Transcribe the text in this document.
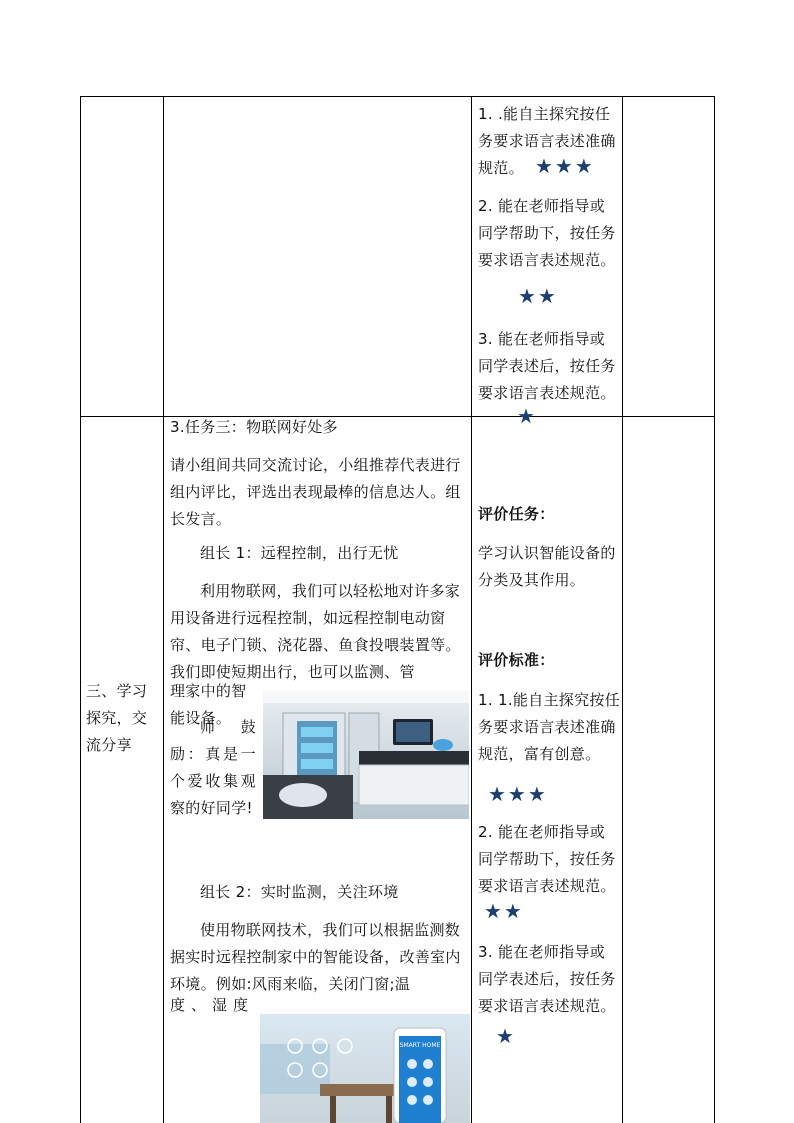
1. .能自主探究按任务要求语言表述准确规范。 ★★★
2. 能在老师指导或同学帮助下，按任务要求语言表述规范。
★★
3. 能在老师指导或同学表述后，按任务要求语言表述规范。
★
三、学习探究，交流分享
3.任务三：物联网好处多
请小组间共同交流讨论，小组推荐代表进行组内评比，评选出表现最棒的信息达人。组长发言。
组长 1：远程控制，出行无忧
利用物联网，我们可以轻松地对许多家用设备进行远程控制，如远程控制电动窗帘、电子门锁、浇花器、鱼食投喂装置等。我们即使短期出行，也可以监测、管
理家中的智能设备。
师鼓励：真是一个爱收集观察的好同学!
组长 2：实时监测，关注环境
使用物联网技术，我们可以根据监测数据实时远程控制家中的智能设备，改善室内环境。例如:风雨来临，关闭门窗;温
度、湿度
SMART HOME
评价任务：
学习认识智能设备的分类及其作用。
评价标准：
1. 1.能自主探究按任务要求语言表述准确规范，富有创意。
★★★
2. 能在老师指导或同学帮助下，按任务要求语言表述规范。 ★★
3. 能在老师指导或同学表述后，按任务要求语言表述规范。
★
